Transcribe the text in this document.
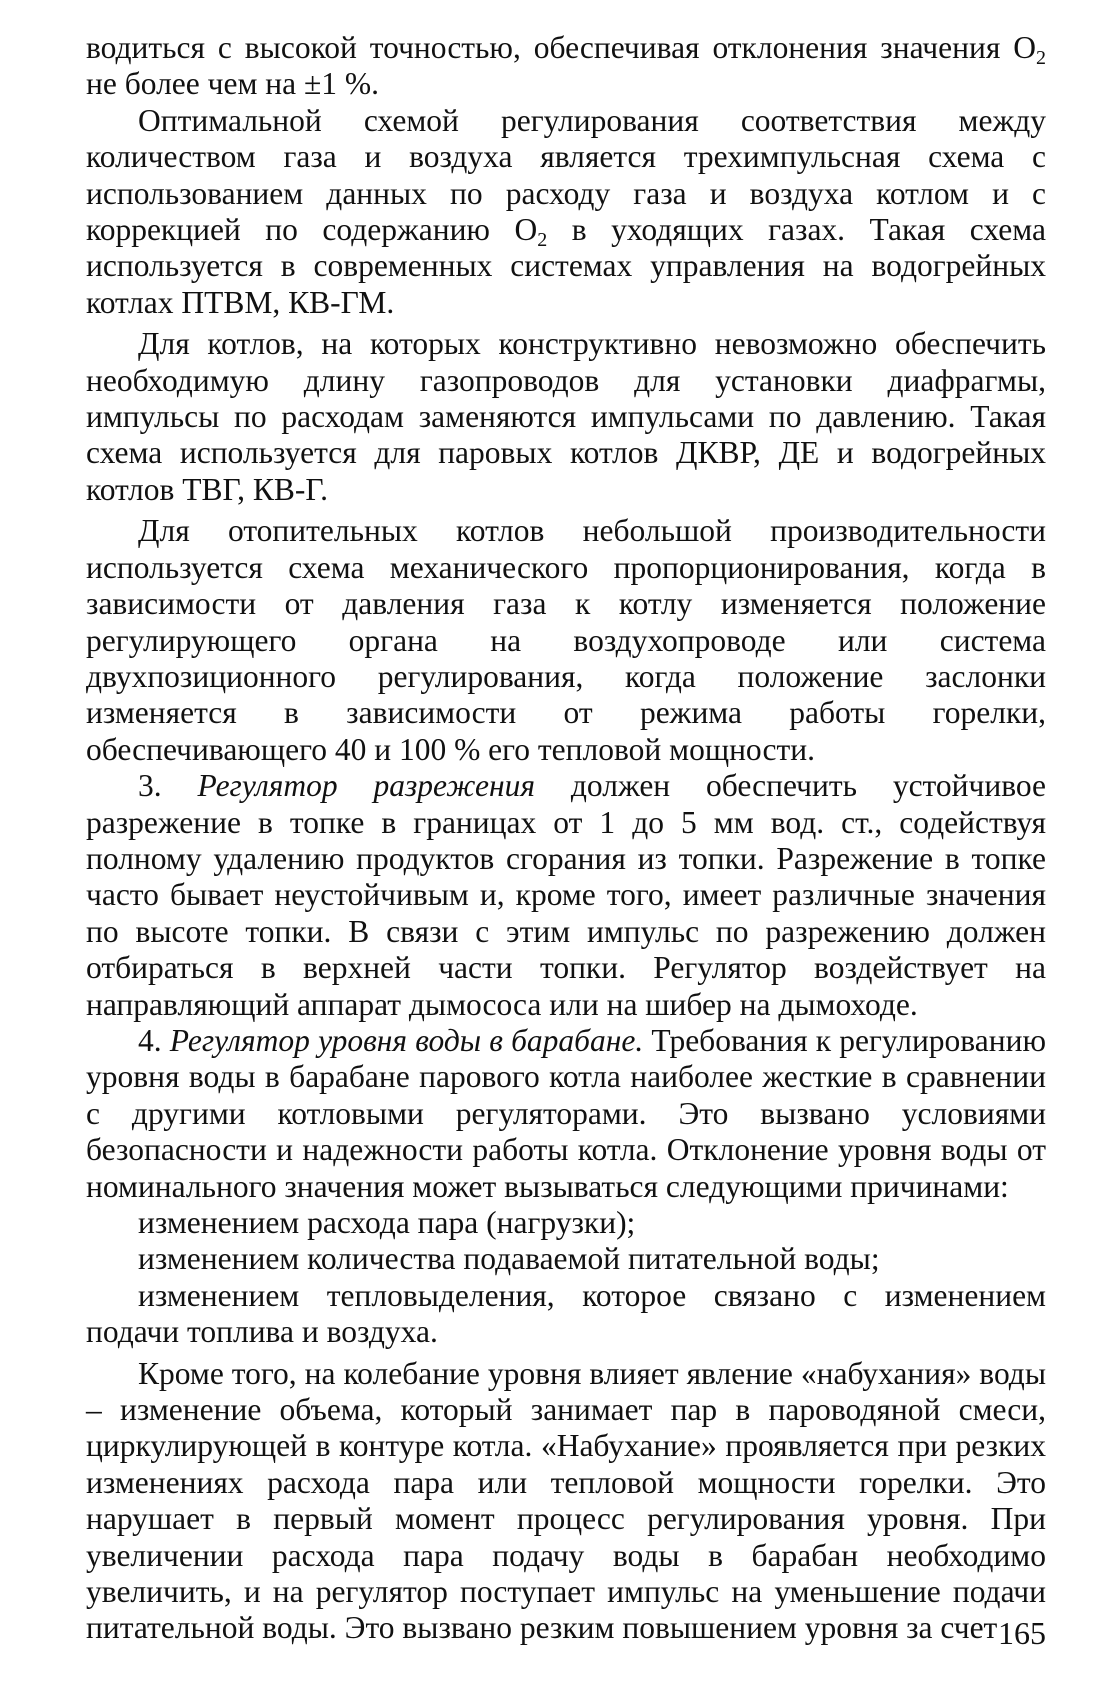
водиться с высокой точностью, обеспечивая отклонения значения $O_2$ не более чем на ±1 %.

Оптимальной схемой регулирования соответствия между количеством газа и воздуха является трехимпульсная схема с использованием данных по расходу газа и воздуха котлом и с коррекцией по содержанию $O_2$ в уходящих газах. Такая схема используется в современных системах управления на водогрейных котлах ПТВМ, КВ-ГМ.

Для котлов, на которых конструктивно невозможно обеспечить необходимую длину газопроводов для установки диафрагмы, импульсы по расходам заменяются импульсами по давлению. Такая схема используется для паровых котлов ДКВР, ДЕ и водогрейных котлов ТВГ, КВ-Г.

Для отопительных котлов небольшой производительности используется схема механического пропорционирования, когда в зависимости от давления газа к котлу изменяется положение регулирующего органа на воздухопроводе или система двухпозиционного регулирования, когда положение заслонки изменяется в зависимости от режима работы горелки, обеспечивающего 40 и 100 % его тепловой мощности.

3. Регулятор разрежения должен обеспечить устойчивое разрежение в топке в границах от 1 до 5 мм вод. ст., содействуя полному удалению продуктов сгорания из топки. Разрежение в топке часто бывает неустойчивым и, кроме того, имеет различные значения по высоте топки. В связи с этим импульс по разрежению должен отбираться в верхней части топки. Регулятор воздействует на направляющий аппарат дымососа или на шибер на дымоходе.

4. Регулятор уровня воды в барабане. Требования к регулированию уровня воды в барабане парового котла наиболее жесткие в сравнении с другими котловыми регуляторами. Это вызвано условиями безопасности и надежности работы котла. Отклонение уровня воды от номинального значения может вызываться следующими причинами:

изменением расхода пара (нагрузки);

изменением количества подаваемой питательной воды;

изменением тепловыделения, которое связано с изменением подачи топлива и воздуха.

Кроме того, на колебание уровня влияет явление «набухания» воды – изменение объема, который занимает пар в пароводяной смеси, циркулирующей в контуре котла. «Набухание» проявляется при резких изменениях расхода пара или тепловой мощности горелки. Это нарушает в первый момент процесс регулирования уровня. При увеличении расхода пара подачу воды в барабан необходимо увеличить, и на регулятор поступает импульс на уменьшение подачи питательной воды. Это вызвано резким повышением уровня за счет 165
